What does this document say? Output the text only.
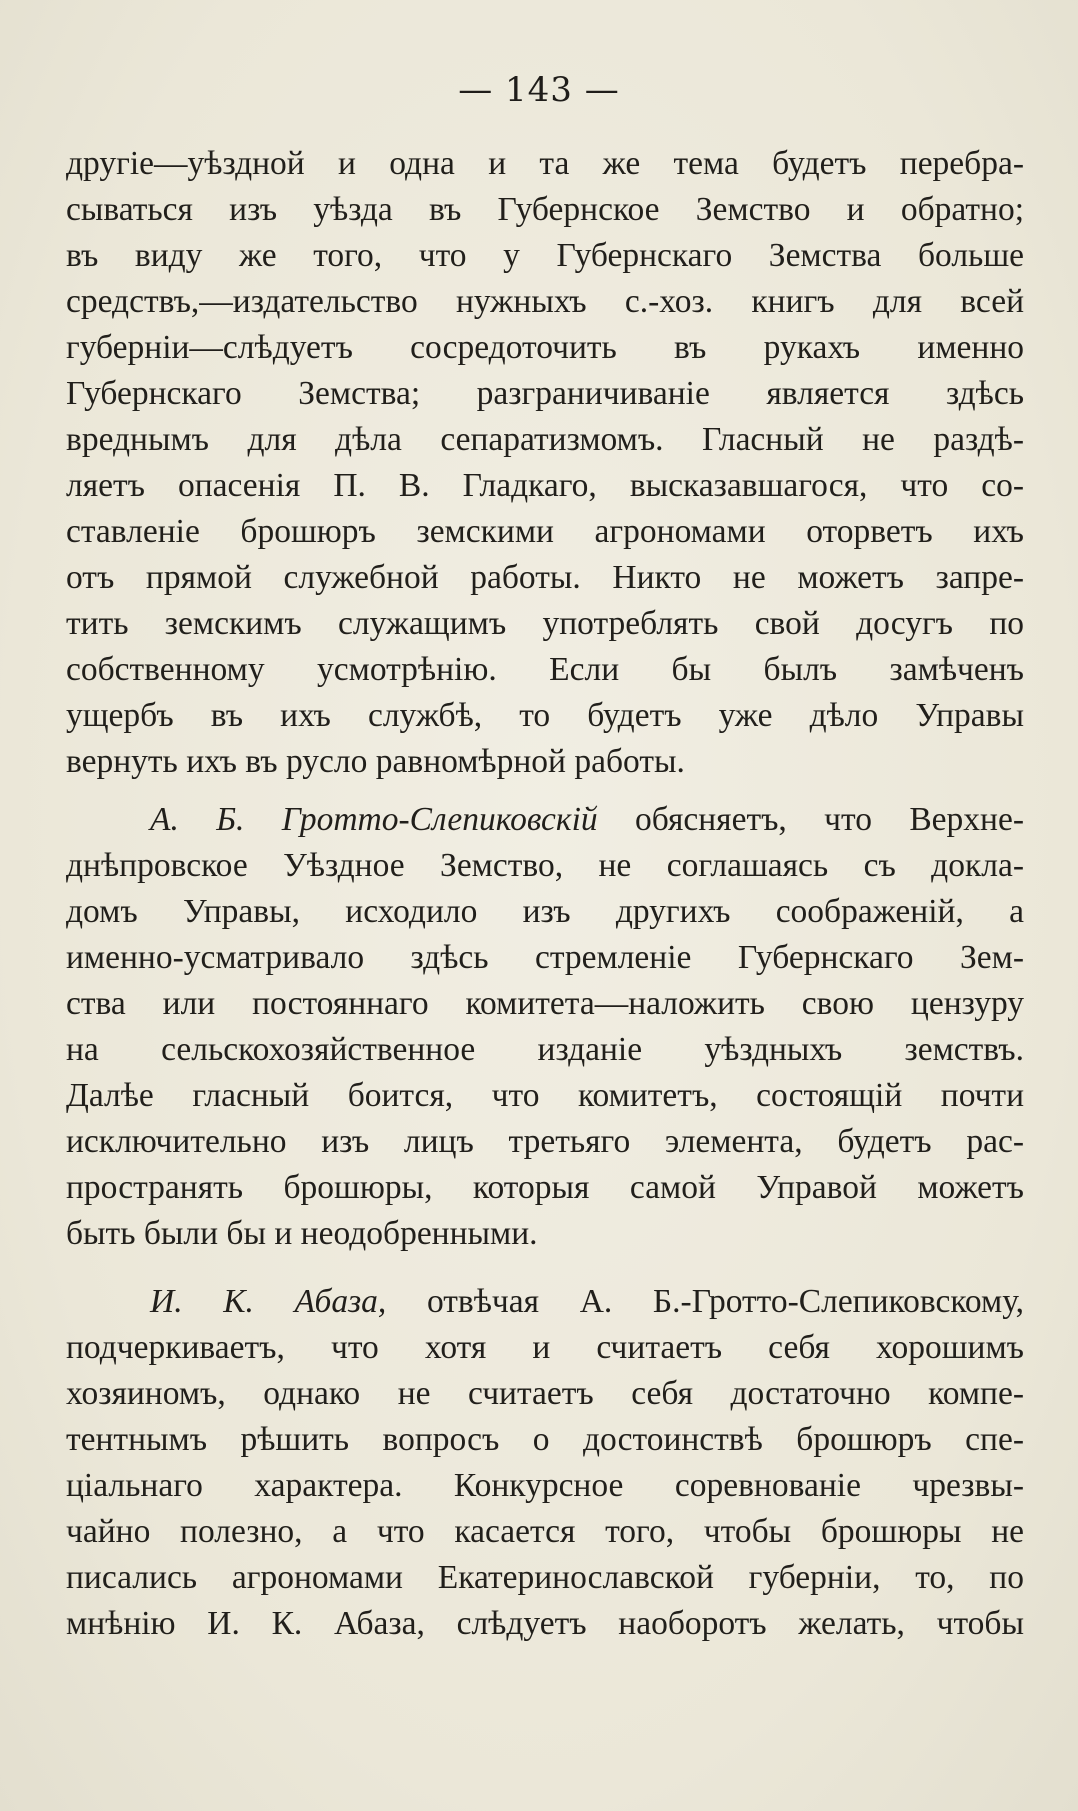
— 143 —
другіе—уѣздной и одна и та же тема будетъ перебра-
сываться изъ уѣзда въ Губернское Земство и обратно;
въ виду же того, что у Губернскаго Земства больше
средствъ,—издательство нужныхъ с.-хоз. книгъ для всей
губерніи—слѣдуетъ сосредоточить въ рукахъ именно
Губернскаго Земства; разграничиваніе является здѣсь
вреднымъ для дѣла сепаратизмомъ. Гласный не раздѣ-
ляетъ опасенія П. В. Гладкаго, высказавшагося, что со-
ставленіе брошюръ земскими агрономами оторветъ ихъ
отъ прямой служебной работы. Никто не можетъ запре-
тить земскимъ служащимъ употреблять свой досугъ по
собственному усмотрѣнію. Если бы былъ замѣченъ
ущербъ въ ихъ службѣ, то будетъ уже дѣло Управы
вернуть ихъ въ русло равномѣрной работы.
А. Б. Гротто-Слепиковскій обясняетъ, что Верхне-
днѣпровское Уѣздное Земство, не соглашаясь съ докла-
домъ Управы, исходило изъ другихъ соображеній, а
именно-усматривало здѣсь стремленіе Губернскаго Зем-
ства или постояннаго комитета—наложить свою цензуру
на сельскохозяйственное изданіе уѣздныхъ земствъ.
Далѣе гласный боится, что комитетъ, состоящій почти
исключительно изъ лицъ третьяго элемента, будетъ рас-
пространять брошюры, которыя самой Управой можетъ
быть были бы и неодобренными.
И. К. Абаза, отвѣчая А. Б.-Гротто-Слепиковскому,
подчеркиваетъ, что хотя и считаетъ себя хорошимъ
хозяиномъ, однако не считаетъ себя достаточно компе-
тентнымъ рѣшить вопросъ о достоинствѣ брошюръ спе-
ціальнаго характера. Конкурсное соревнованіе чрезвы-
чайно полезно, а что касается того, чтобы брошюры не
писались агрономами Екатеринославской губерніи, то, по
мнѣнію И. К. Абаза, слѣдуетъ наоборотъ желать, чтобы
